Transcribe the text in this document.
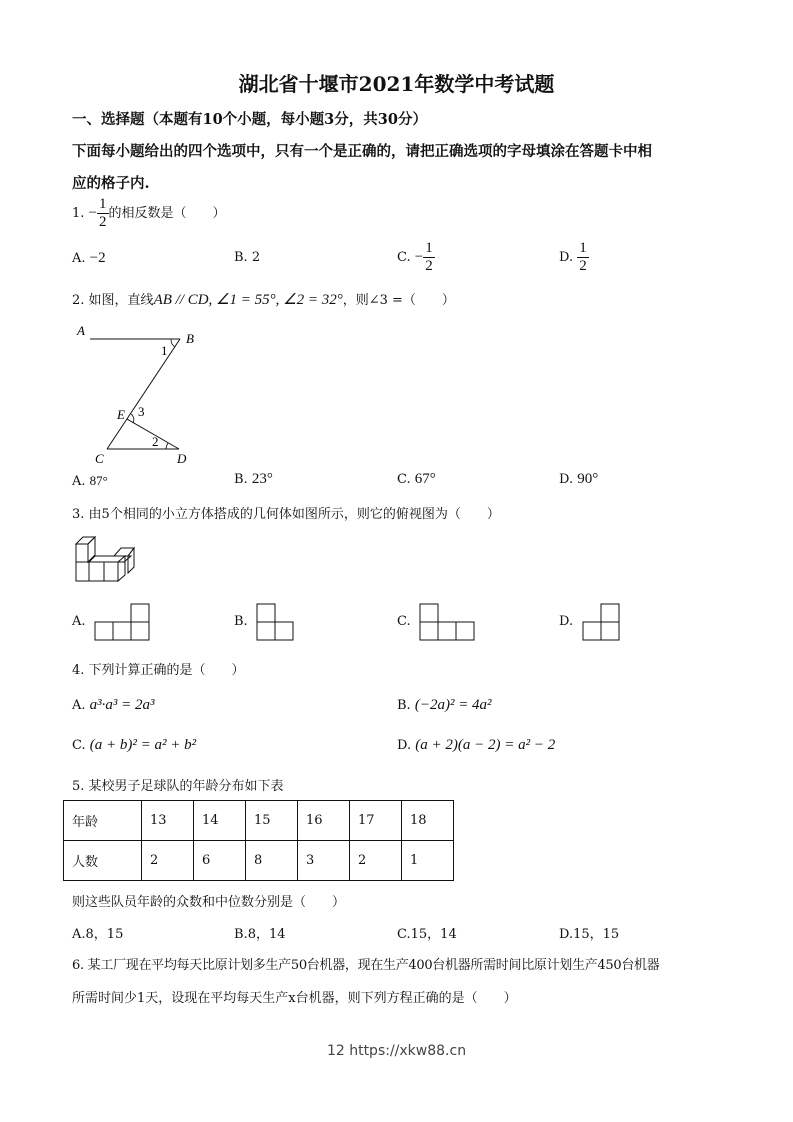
湖北省十堰市2021年数学中考试题
一、选择题（本题有10个小题，每小题3分，共30分）
下面每小题给出的四个选项中，只有一个是正确的，请把正确选项的字母填涂在答题卡中相
应的格子内.
1. − $\frac{1}{2}$ 的相反数是（　　）
A. −2	B. 2	C. − $\frac{1}{2}$	D. $\frac{1}{2}$
2. 如图，直线AB // CD, ∠1 = 55°, ∠2 = 32°，则∠3 =（　　）
A
B
C	D
E
1
3
2
A. 87°	B. 23°	C. 67°	D. 90°
3. 由5个相同的小立方体搭成的几何体如图所示，则它的俯视图为（　　）
A.	B.	C.	D.
4. 下列计算正确的是（　　）
A. a³·a³ = 2a³	B. (−2a)² = 4a²
C. (a + b)² = a² + b²	D. (a + 2)(a − 2) = a² − 2
5. 某校男子足球队的年龄分布如下表
年龄	13	14	15	16	17	18
人数	2	6	8	3	2	1
则这些队员年龄的众数和中位数分别是（　　）
A.8，15	B.8，14	C.15，14	D.15，15
6. 某工厂现在平均每天比原计划多生产50台机器，现在生产400台机器所需时间比原计划生产450台机器
所需时间少1天，设现在平均每天生产x台机器，则下列方程正确的是（　　）
12 https://xkw88.cn
